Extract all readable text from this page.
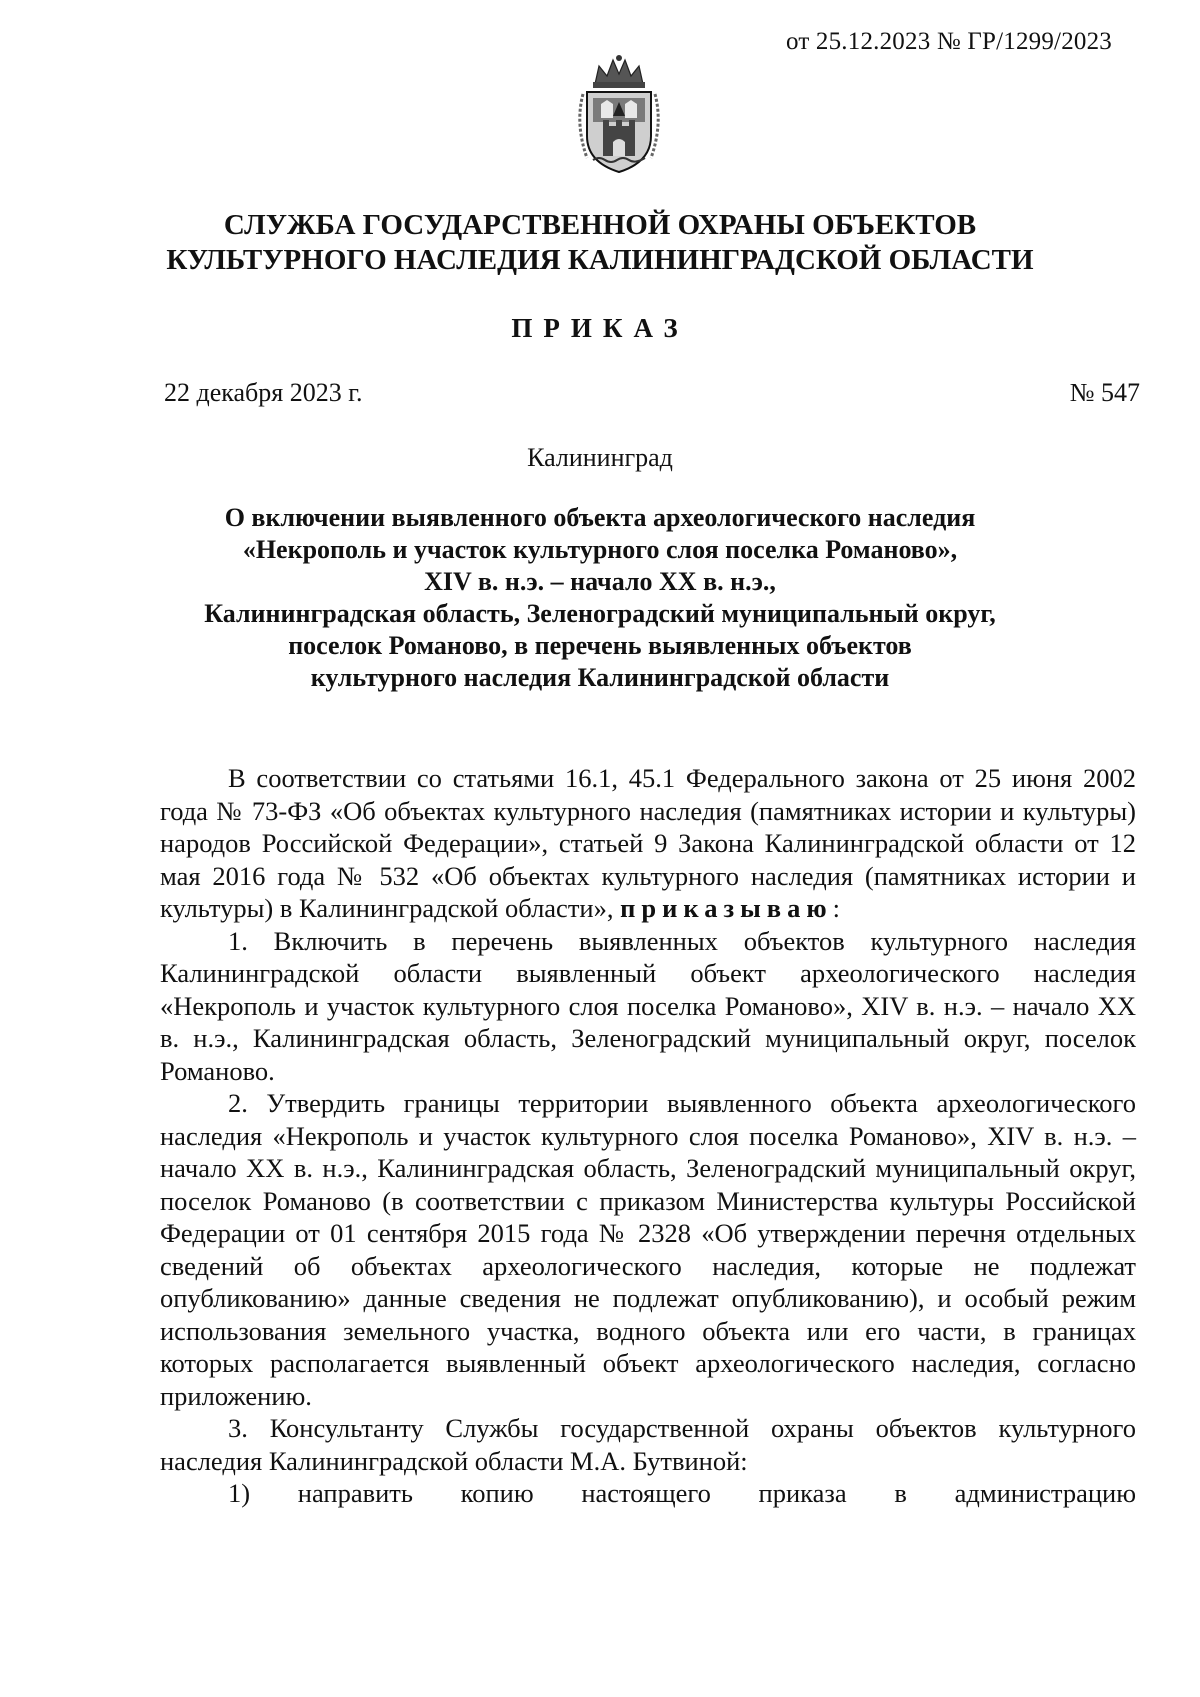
от 25.12.2023 № ГР/1299/2023
СЛУЖБА ГОСУДАРСТВЕННОЙ ОХРАНЫ ОБЪЕКТОВ
КУЛЬТУРНОГО НАСЛЕДИЯ КАЛИНИНГРАДСКОЙ ОБЛАСТИ
ПРИКАЗ
22 декабря 2023 г.	№ 547
Калининград
О включении выявленного объекта археологического наследия
«Некрополь и участок культурного слоя поселка Романово»,
XIV в. н.э. – начало XX в. н.э.,
Калининградская область, Зеленоградский муниципальный округ,
поселок Романово, в перечень выявленных объектов
культурного наследия Калининградской области

В соответствии со статьями 16.1, 45.1 Федерального закона от 25 июня 2002 года № 73-ФЗ «Об объектах культурного наследия (памятниках истории и культуры) народов Российской Федерации», статьей 9 Закона Калининградской области от 12 мая 2016 года № 532 «Об объектах культурного наследия (памятниках истории и культуры) в Калининградской области», приказываю:

1. Включить в перечень выявленных объектов культурного наследия Калининградской области выявленный объект археологического наследия «Некрополь и участок культурного слоя поселка Романово», XIV в. н.э. – начало XX в. н.э., Калининградская область, Зеленоградский муниципальный округ, поселок Романово.

2. Утвердить границы территории выявленного объекта археологического наследия «Некрополь и участок культурного слоя поселка Романово», XIV в. н.э. – начало XX в. н.э., Калининградская область, Зеленоградский муниципальный округ, поселок Романово (в соответствии с приказом Министерства культуры Российской Федерации от 01 сентября 2015 года № 2328 «Об утверждении перечня отдельных сведений об объектах археологического наследия, которые не подлежат опубликованию» данные сведения не подлежат опубликованию), и особый режим использования земельного участка, водного объекта или его части, в границах которых располагается выявленный объект археологического наследия, согласно приложению.

3. Консультанту Службы государственной охраны объектов культурного наследия Калининградской области М.А. Бутвиной:

1) направить копию настоящего приказа в администрацию
